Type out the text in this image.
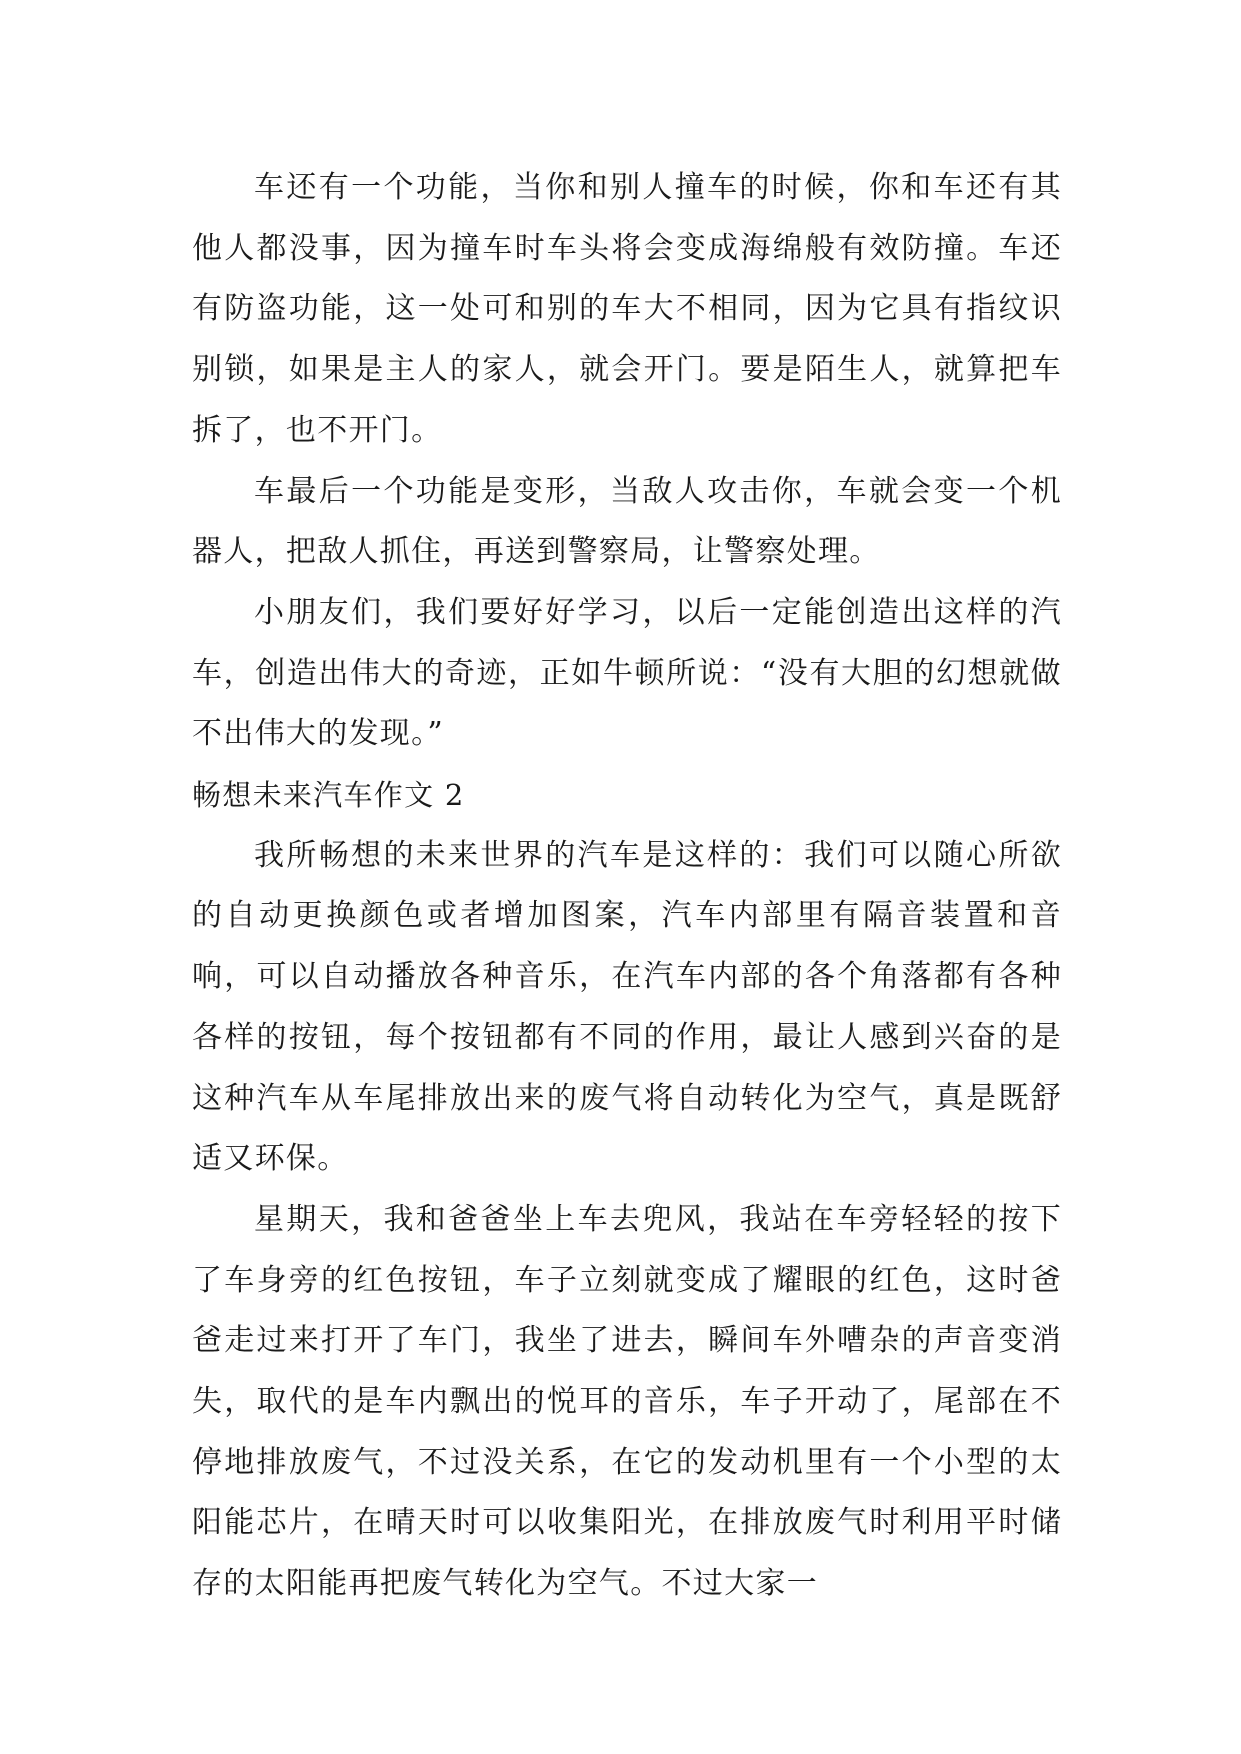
车还有一个功能，当你和别人撞车的时候，你和车还有其他人都没事，因为撞车时车头将会变成海绵般有效防撞。车还有防盗功能，这一处可和别的车大不相同，因为它具有指纹识别锁，如果是主人的家人，就会开门。要是陌生人，就算把车拆了，也不开门。

车最后一个功能是变形，当敌人攻击你，车就会变一个机器人，把敌人抓住，再送到警察局，让警察处理。

小朋友们，我们要好好学习，以后一定能创造出这样的汽车，创造出伟大的奇迹，正如牛顿所说：“没有大胆的幻想就做不出伟大的发现。”

畅想未来汽车作文 2

我所畅想的未来世界的汽车是这样的：我们可以随心所欲的自动更换颜色或者增加图案，汽车内部里有隔音装置和音响，可以自动播放各种音乐，在汽车内部的各个角落都有各种各样的按钮，每个按钮都有不同的作用，最让人感到兴奋的是这种汽车从车尾排放出来的废气将自动转化为空气，真是既舒适又环保。

星期天，我和爸爸坐上车去兜风，我站在车旁轻轻的按下了车身旁的红色按钮，车子立刻就变成了耀眼的红色，这时爸爸走过来打开了车门，我坐了进去，瞬间车外嘈杂的声音变消失，取代的是车内飘出的悦耳的音乐，车子开动了，尾部在不停地排放废气，不过没关系，在它的发动机里有一个小型的太阳能芯片，在晴天时可以收集阳光，在排放废气时利用平时储存的太阳能再把废气转化为空气。不过大家一
